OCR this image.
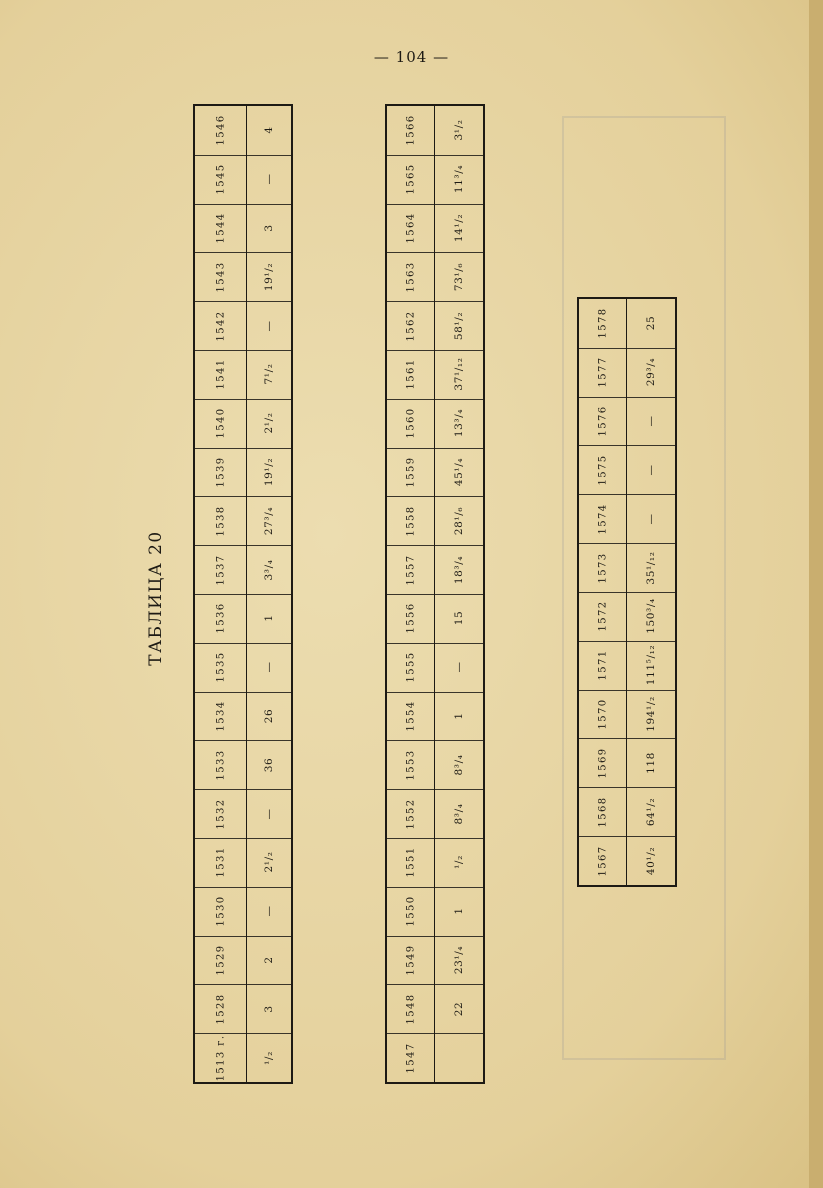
— 104 —
ТАБЛИЦА 20
1513 г.
1528
1529
1530
1531
1532
1533
1534
1535
1536
1537
1538
1539
1540
1541
1542
1543
1544
1545
1546
¹/₂
3
2
—
2¹/₂
—
36
26
—
1
3³/₄
27³/₄
19¹/₂
2¹/₂
7¹/₂
—
19¹/₂
3
—
4
1547
1548
1549
1550
1551
1552
1553
1554
1555
1556
1557
1558
1559
1560
1561
1562
1563
1564
1565
1566
22
23¹/₄
1
¹/₂
8³/₄
8³/₄
1
—
15
18³/₄
28¹/₆
45¹/₄
13³/₄
37¹/₁₂
58¹/₂
73¹/₆
14¹/₂
11³/₄
3¹/₂
1567
1568
1569
1570
1571
1572
1573
1574
1575
1576
1577
1578
40¹/₂
64¹/₂
118
194¹/₂
111⁵/₁₂
150³/₄
35¹/₁₂
—
—
—
29³/₄
25
